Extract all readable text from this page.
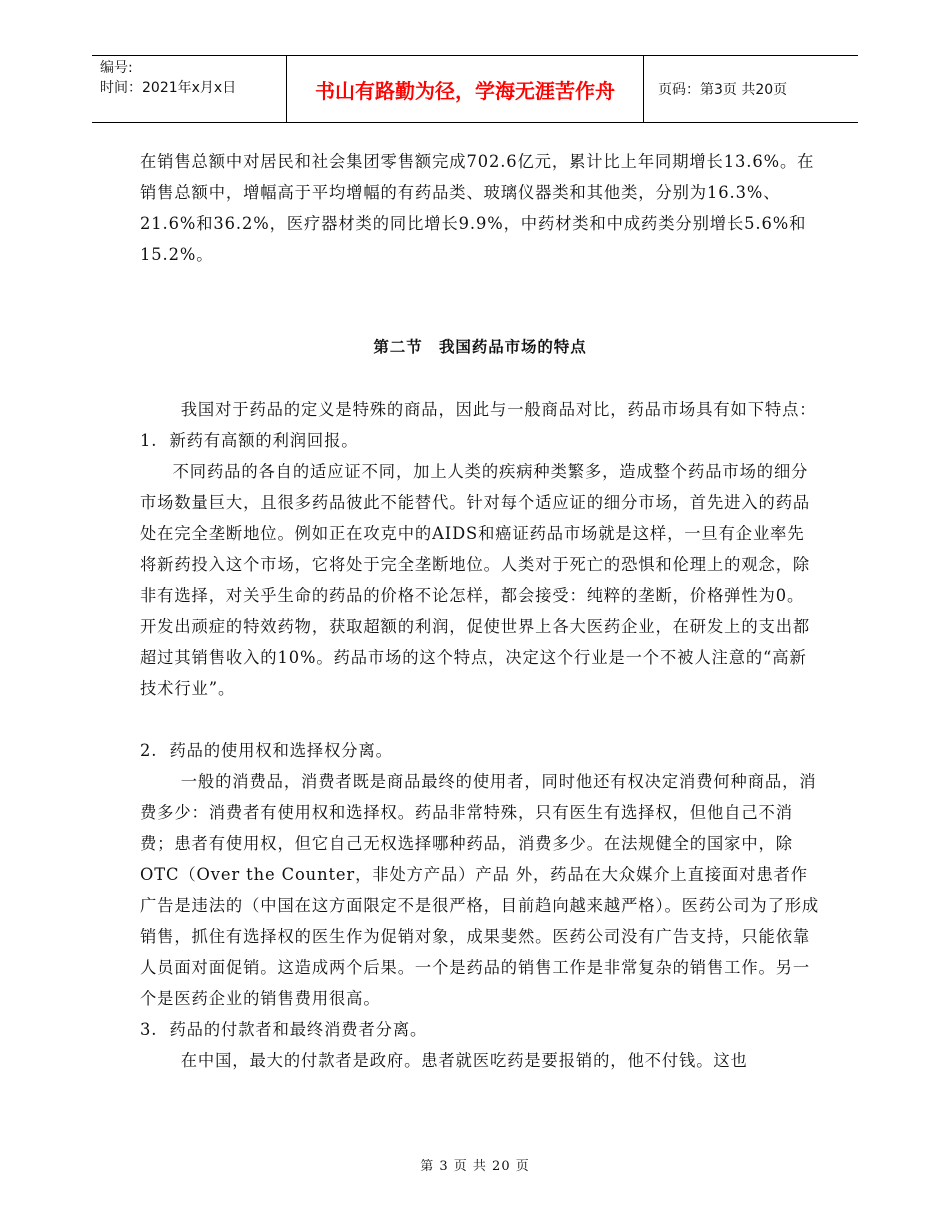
编号:
时间：2021年x月x日	书山有路勤为径，学海无涯苦作舟	页码：第3页 共20页

在销售总额中对居民和社会集团零售额完成702.6亿元，累计比上年同期增长13.6%。在销售总额中，增幅高于平均增幅的有药品类、玻璃仪器类和其他类，分别为16.3%、21.6%和36.2%，医疗器材类的同比增长9.9%，中药材类和中成药类分别增长5.6%和15.2%。

第二节　我国药品市场的特点

我国对于药品的定义是特殊的商品，因此与一般商品对比，药品市场具有如下特点：

1.  新药有高额的利润回报。

不同药品的各自的适应证不同，加上人类的疾病种类繁多，造成整个药品市场的细分市场数量巨大，且很多药品彼此不能替代。针对每个适应证的细分市场，首先进入的药品处在完全垄断地位。例如正在攻克中的AIDS和癌证药品市场就是这样，一旦有企业率先将新药投入这个市场，它将处于完全垄断地位。人类对于死亡的恐惧和伦理上的观念，除非有选择，对关乎生命的药品的价格不论怎样，都会接受：纯粹的垄断，价格弹性为0。开发出顽症的特效药物，获取超额的利润，促使世界上各大医药企业，在研发上的支出都超过其销售收入的10%。药品市场的这个特点，决定这个行业是一个不被人注意的“高新技术行业”。

2.  药品的使用权和选择权分离。

一般的消费品，消费者既是商品最终的使用者，同时他还有权决定消费何种商品，消费多少：消费者有使用权和选择权。药品非常特殊，只有医生有选择权，但他自己不消费；患者有使用权，但它自己无权选择哪种药品，消费多少。在法规健全的国家中，除OTC（Over the Counter，非处方产品）产品 外，药品在大众媒介上直接面对患者作广告是违法的（中国在这方面限定不是很严格，目前趋向越来越严格）。医药公司为了形成销售，抓住有选择权的医生作为促销对象，成果斐然。医药公司没有广告支持，只能依靠人员面对面促销。这造成两个后果。一个是药品的销售工作是非常复杂的销售工作。另一个是医药企业的销售费用很高。

3.  药品的付款者和最终消费者分离。

在中国，最大的付款者是政府。患者就医吃药是要报销的，他不付钱。这也

第 3 页 共 20 页
